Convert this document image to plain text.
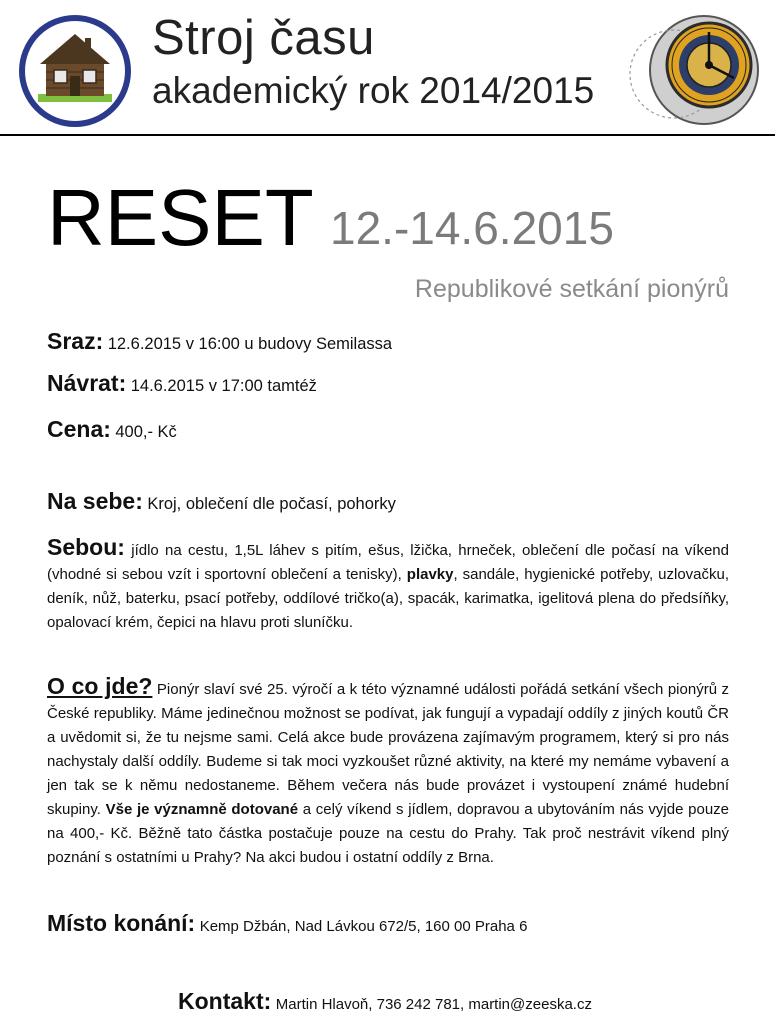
Stroj času
akademický rok 2014/2015
RESET 12.-14.6.2015
Republikové setkání pionýrů
Sraz: 12.6.2015 v 16:00 u budovy Semilassa
Návrat: 14.6.2015 v 17:00 tamtéž
Cena: 400,- Kč
Na sebe: Kroj, oblečení dle počasí, pohorky
Sebou: jídlo na cestu, 1,5L láhev s pitím, ešus, lžička, hrneček, oblečení dle počasí na víkend (vhodné si sebou vzít i sportovní oblečení a tenisky), plavky, sandále, hygienické potřeby, uzlovačku, deník, nůž, baterku, psací potřeby, oddílové tričko(a), spacák, karimatka, igelitová plena do předsíňky, opalovací krém, čepici na hlavu proti sluníčku.
O co jde? Pionýr slaví své 25. výročí a k této významné události pořádá setkání všech pionýrů z České republiky. Máme jedinečnou možnost se podívat, jak fungují a vypadají oddíly z jiných koutů ČR a uvědomit si, že tu nejsme sami. Celá akce bude provázena zajímavým programem, který si pro nás nachystaly další oddíly. Budeme si tak moci vyzkoušet různé aktivity, na které my nemáme vybavení a jen tak se k němu nedostaneme. Během večera nás bude provázet i vystoupení známé hudební skupiny. Vše je významně dotované a celý víkend s jídlem, dopravou a ubytováním nás vyjde pouze na 400,- Kč. Běžně tato částka postačuje pouze na cestu do Prahy. Tak proč nestrávit víkend plný poznání s ostatními u Prahy? Na akci budou i ostatní oddíly z Brna.
Místo konání: Kemp Džbán, Nad Lávkou 672/5, 160 00 Praha 6
Kontakt: Martin Hlavoň, 736 242 781, martin@zeeska.cz
